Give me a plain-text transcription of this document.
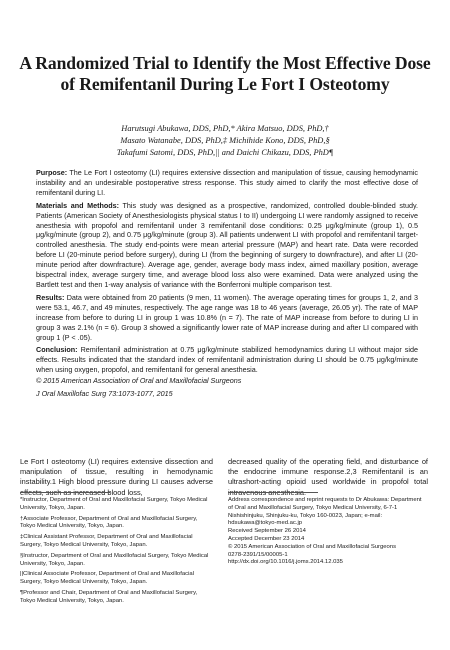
A Randomized Trial to Identify the Most Effective Dose of Remifentanil During Le Fort I Osteotomy
Harutsugi Abukawa, DDS, PhD,* Akira Matsuo, DDS, PhD,†
Masato Watanabe, DDS, PhD,‡ Michihide Kono, DDS, PhD,§
Takafumi Satomi, DDS, PhD,|| and Daichi Chikazu, DDS, PhD¶

Purpose: The Le Fort I osteotomy (LI) requires extensive dissection and manipulation of tissue, causing hemodynamic instability and an undesirable postoperative stress response. This study aimed to clarify the most effective dose of remifentanil during LI.

Materials and Methods: This study was designed as a prospective, randomized, controlled double-blinded study. Patients (American Society of Anesthesiologists physical status I to II) undergoing LI were randomly assigned to receive anesthesia with propofol and remifentanil under 3 remifentanil dose conditions: 0.25 μg/kg/minute (group 1), 0.5 μg/kg/minute (group 2), and 0.75 μg/kg/minute (group 3). All patients underwent LI with propofol and remifentanil target-controlled anesthesia. The study end-points were mean arterial pressure (MAP) and heart rate. Data were recorded before LI (20-minute period before surgery), during LI (from the beginning of surgery to downfracture), and after LI (20-minute period after downfracture). Average age, gender, average body mass index, aimed maxillary position, average bispectral index, average surgery time, and average blood loss also were examined. Data were analyzed using the Bartlett test and then 1-way analysis of variance with the Bonferroni multiple comparison test.

Results: Data were obtained from 20 patients (9 men, 11 women). The average operating times for groups 1, 2, and 3 were 53.1, 46.7, and 49 minutes, respectively. The age range was 18 to 46 years (average, 26.05 yr). The rate of MAP increase from before to during LI in group 1 was 10.8% (n = 7). The rate of MAP increase from before to during LI in group 3 was 2.1% (n = 6). Group 3 showed a significantly lower rate of MAP increase during and after LI compared with group 1 (P < .05).

Conclusion: Remifentanil administration at 0.75 μg/kg/minute stabilized hemodynamics during LI without major side effects. Results indicated that the standard index of remifentanil administration during LI should be 0.75 μg/kg/minute when using oxygen, propofol, and remifentanil for general anesthesia.

© 2015 American Association of Oral and Maxillofacial Surgeons

J Oral Maxillofac Surg 73:1073-1077, 2015

Le Fort I osteotomy (LI) requires extensive dissection and manipulation of tissue, resulting in hemodynamic instability.1 High blood pressure during LI causes adverse effects, such as increased blood loss,

decreased quality of the operating field, and disturbance of the endocrine immune response.2,3 Remifentanil is an ultrashort-acting opioid used worldwide in propofol total intravenous anesthesia.

*Instructor, Department of Oral and Maxillofacial Surgery, Tokyo Medical University, Tokyo, Japan.

†Associate Professor, Department of Oral and Maxillofacial Surgery, Tokyo Medical University, Tokyo, Japan.

‡Clinical Assistant Professor, Department of Oral and Maxillofacial Surgery, Tokyo Medical University, Tokyo, Japan.

§Instructor, Department of Oral and Maxillofacial Surgery, Tokyo Medical University, Tokyo, Japan.

||Clinical Associate Professor, Department of Oral and Maxillofacial Surgery, Tokyo Medical University, Tokyo, Japan.

¶Professor and Chair, Department of Oral and Maxillofacial Surgery, Tokyo Medical University, Tokyo, Japan.

Address correspondence and reprint requests to Dr Abukawa: Department of Oral and Maxillofacial Surgery, Tokyo Medical University, 6-7-1 Nishishinjuku, Shinjuku-ku, Tokyo 160-0023, Japan; e-mail: hdsukawa@tokyo-med.ac.jp

Received September 26 2014

Accepted December 23 2014

© 2015 American Association of Oral and Maxillofacial Surgeons

0278-2391/15/00005-1

http://dx.doi.org/10.1016/j.joms.2014.12.035
